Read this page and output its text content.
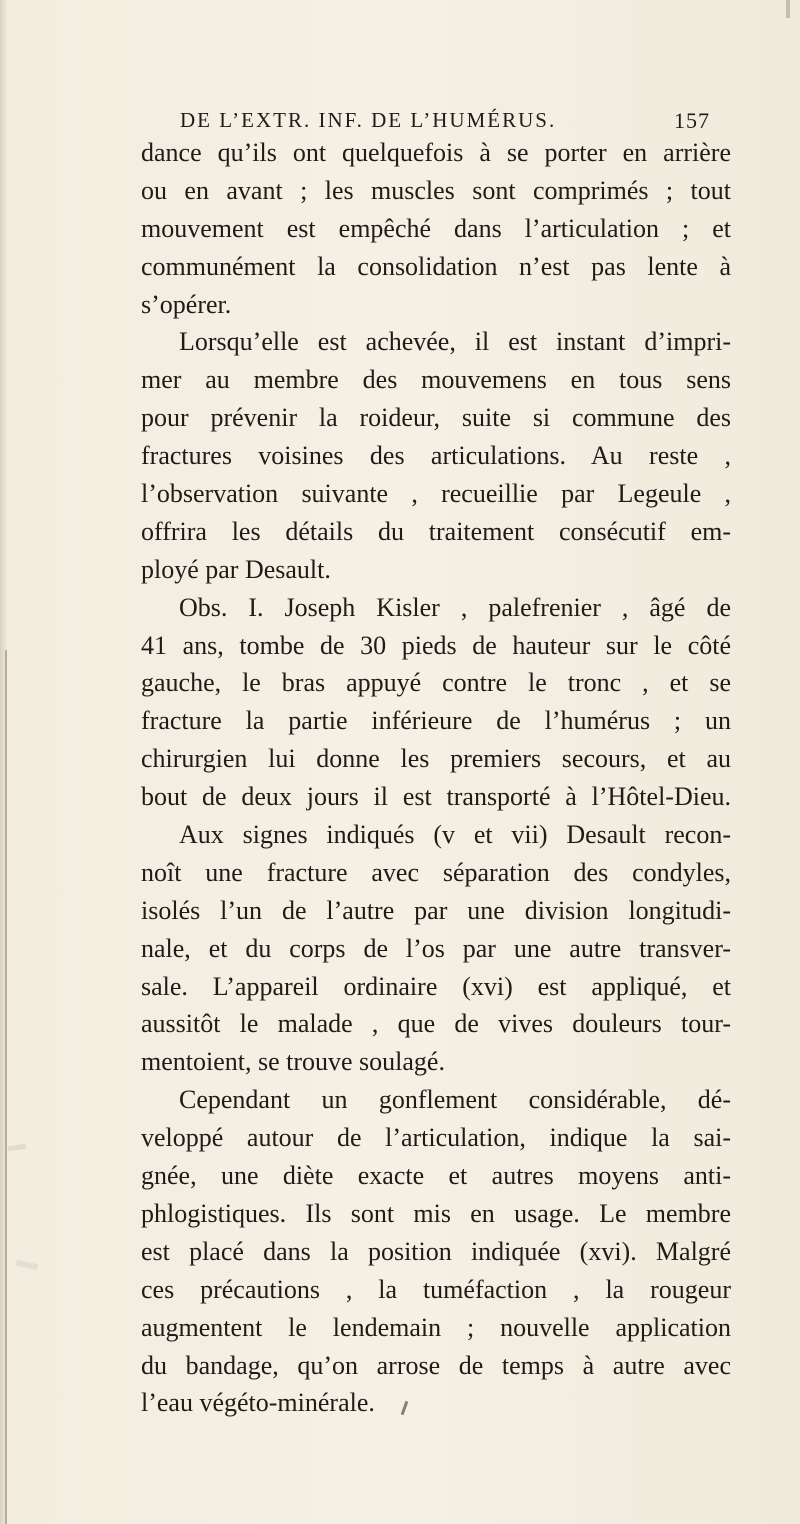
DE L’EXTR. INF. DE L’HUMÉRUS.	157
dance qu’ils ont quelquefois à se porter en arrière
ou en avant ; les muscles sont comprimés ; tout
mouvement est empêché dans l’articulation ; et
communément la consolidation n’est pas lente à
s’opérer.
Lorsqu’elle est achevée, il est instant d’impri-
mer au membre des mouvemens en tous sens
pour prévenir la roideur, suite si commune des
fractures voisines des articulations. Au reste ,
l’observation suivante , recueillie par Legeule ,
offrira les détails du traitement consécutif em-
ployé par Desault.
Obs. I. Joseph Kisler , palefrenier , âgé de
41 ans, tombe de 30 pieds de hauteur sur le côté
gauche, le bras appuyé contre le tronc , et se
fracture la partie inférieure de l’humérus ; un
chirurgien lui donne les premiers secours, et au
bout de deux jours il est transporté à l’Hôtel-Dieu.
Aux signes indiqués (v et vii) Desault recon-
noît une fracture avec séparation des condyles,
isolés l’un de l’autre par une division longitudi-
nale, et du corps de l’os par une autre transver-
sale. L’appareil ordinaire (xvi) est appliqué, et
aussitôt le malade , que de vives douleurs tour-
mentoient, se trouve soulagé.
Cependant un gonflement considérable, dé-
veloppé autour de l’articulation, indique la sai-
gnée, une diète exacte et autres moyens anti-
phlogistiques. Ils sont mis en usage. Le membre
est placé dans la position indiquée (xvi). Malgré
ces précautions , la tuméfaction , la rougeur
augmentent le lendemain ; nouvelle application
du bandage, qu’on arrose de temps à autre avec
l’eau végéto-minérale.
